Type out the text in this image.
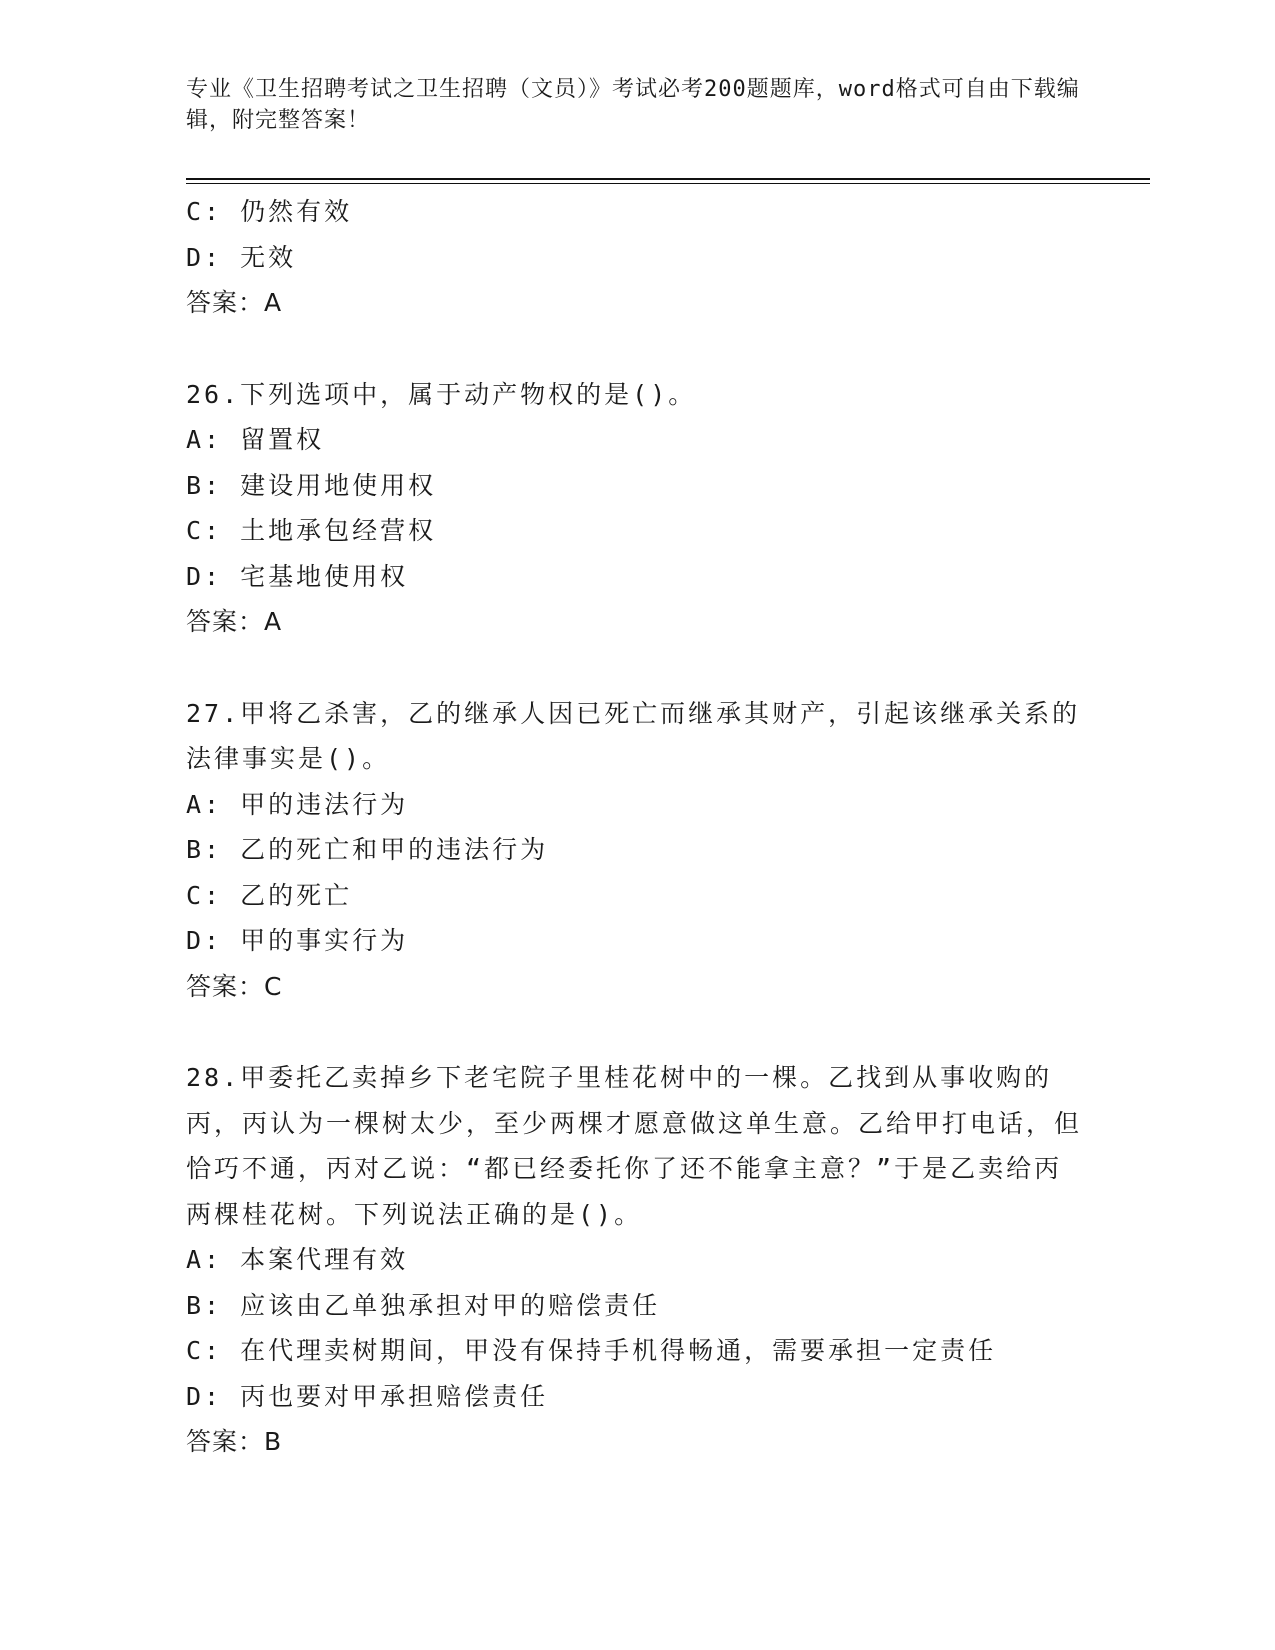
专业《卫生招聘考试之卫生招聘（文员）》考试必考200题题库，word格式可自由下载编辑，附完整答案！
C: 仍然有效
D: 无效
答案：A
26.下列选项中，属于动产物权的是()。
A: 留置权
B: 建设用地使用权
C: 土地承包经营权
D: 宅基地使用权
答案：A
27.甲将乙杀害，乙的继承人因已死亡而继承其财产，引起该继承关系的法律事实是()。
A: 甲的违法行为
B: 乙的死亡和甲的违法行为
C: 乙的死亡
D: 甲的事实行为
答案：C
28.甲委托乙卖掉乡下老宅院子里桂花树中的一棵。乙找到从事收购的丙，丙认为一棵树太少，至少两棵才愿意做这单生意。乙给甲打电话，但恰巧不通，丙对乙说：“都已经委托你了还不能拿主意？”于是乙卖给丙两棵桂花树。下列说法正确的是()。
A: 本案代理有效
B: 应该由乙单独承担对甲的赔偿责任
C: 在代理卖树期间，甲没有保持手机得畅通，需要承担一定责任
D: 丙也要对甲承担赔偿责任
答案：B
